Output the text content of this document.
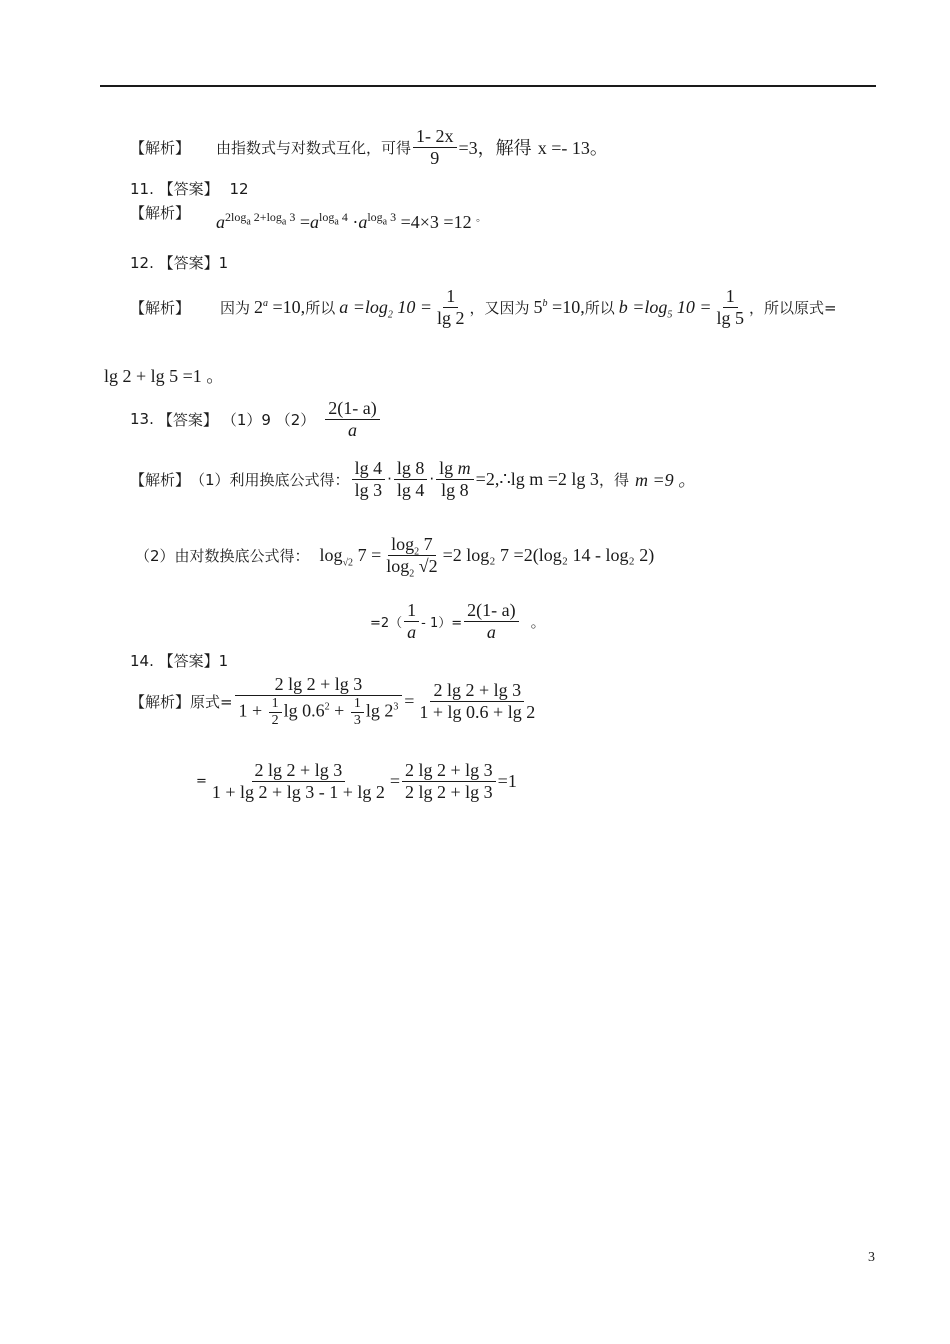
【解析】 由指数式与对数式互化，可得 $\frac{1- 2x}{9} =3$，解得 x =- 13。
11. 【答案】 12
【解析】 $a^{2log_a 2+log_a 3} =a^{log_a 4} \cdot a^{log_a 3} =4\times 3 =12$ 。
12. 【答案】1
【解析】 因为 $2^a =10$, 所以 $a =\log_2$ $10 = \frac{1}{\lg 2}$ ，又因为 $5^b =10$, 所以 $b =\log_5$ $10 = \frac{1}{\lg 5}$ ，所以原式=
lg 2 + lg 5 =1 。
13. 【答案】 （1）9 $(2) \frac{2(1- a)}{a}$
【解析】 （1）利用换底公式得： $\frac{\lg 4}{\lg 3} \cdot \frac{\lg 8}{\lg 4} \cdot \frac{\text{lg m}}{\lg 8}$ =2,∴lg m =2 lg 3 ，得 m =9 。
（2）由对数换底公式得： $\log_{√2} 7 = \frac{\log_2 7}{\log_2 √2} =2$ log₂ 7 =2(log₂ 14 - log₂ 2)
$=2( \frac{1}{a} - 1)= \frac{2(1- a)}{a}$ 。
14. 【答案】1
【解析】原式= $\frac{2 \lg 2 + \lg 3}{1 + \frac{1}{2} \lg 0.6^2 + \frac{1}{3} \lg 2^3} = \frac{2 \lg 2 + \lg 3}{1 + \lg 0.6 + \lg 2}$
= $\frac{2 \lg 2 + \lg 3}{1 + \lg 2 + \lg 3 - 1 + \lg 2} = \frac{2 \lg 2 + \lg 3}{2 \lg 2 + \lg 3} =1$
3
